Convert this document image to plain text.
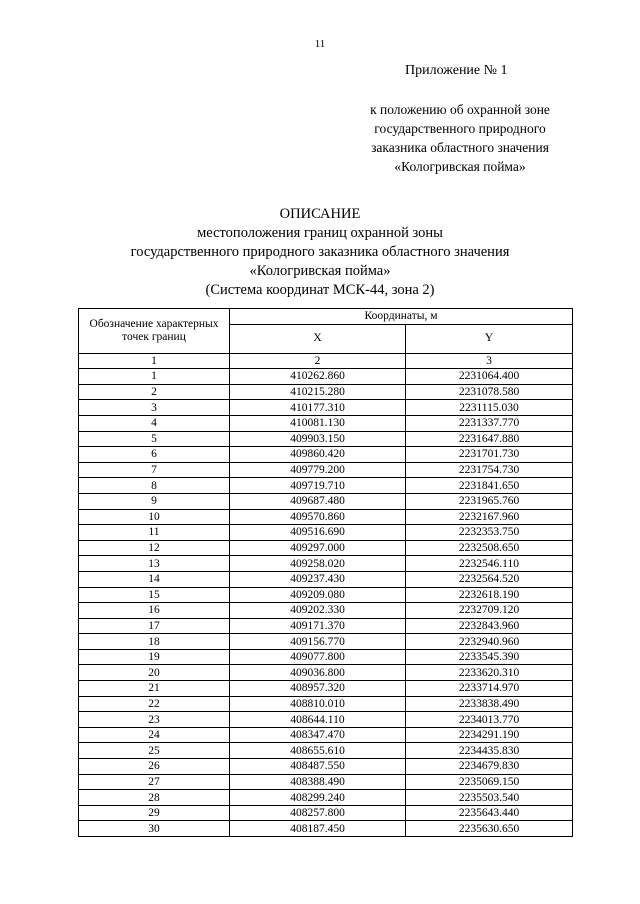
11
Приложение № 1
к положению об охранной зоне
государственного природного
заказника областного значения
«Кологривская пойма»
ОПИСАНИЕ
местоположения границ охранной зоны
государственного природного заказника областного значения
«Кологривская пойма»
(Система координат МСК-44, зона 2)
Обозначение характерных точек границ	Координаты, м	
	X	Y
1	2	3
1	410262.860	2231064.400
2	410215.280	2231078.580
3	410177.310	2231115.030
4	410081.130	2231337.770
5	409903.150	2231647.880
6	409860.420	2231701.730
7	409779.200	2231754.730
8	409719.710	2231841.650
9	409687.480	2231965.760
10	409570.860	2232167.960
11	409516.690	2232353.750
12	409297.000	2232508.650
13	409258.020	2232546.110
14	409237.430	2232564.520
15	409209.080	2232618.190
16	409202.330	2232709.120
17	409171.370	2232843.960
18	409156.770	2232940.960
19	409077.800	2233545.390
20	409036.800	2233620.310
21	408957.320	2233714.970
22	408810.010	2233838.490
23	408644.110	2234013.770
24	408347.470	2234291.190
25	408655.610	2234435.830
26	408487.550	2234679.830
27	408388.490	2235069.150
28	408299.240	2235503.540
29	408257.800	2235643.440
30	408187.450	2235630.650
